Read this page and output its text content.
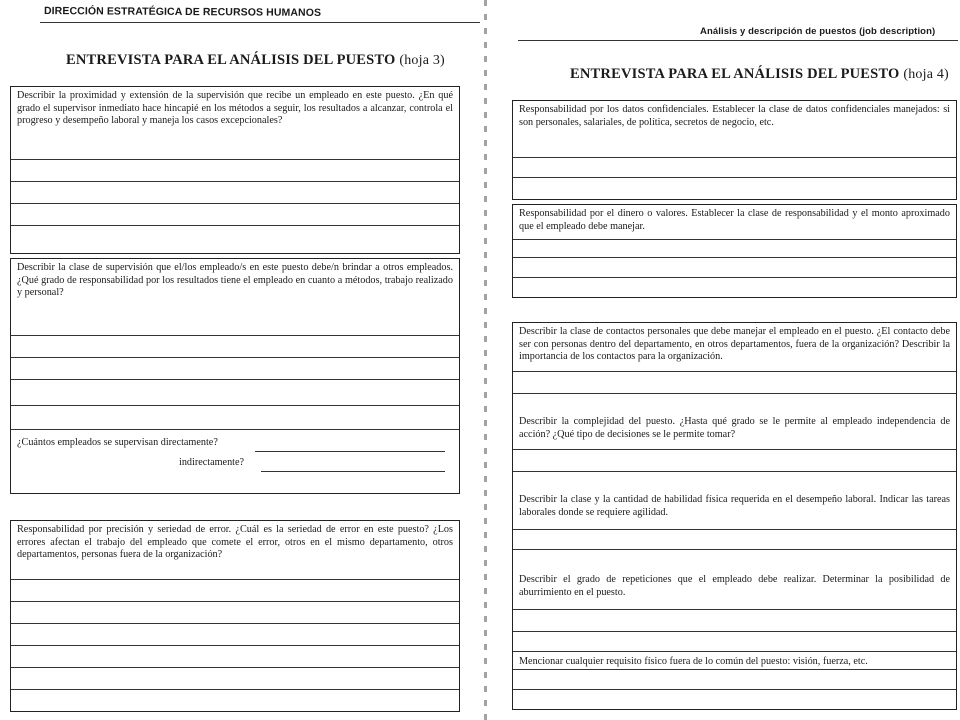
DIRECCIÓN ESTRATÉGICA DE RECURSOS HUMANOS
ENTREVISTA PARA EL ANÁLISIS DEL PUESTO (hoja 3)
Describir la proximidad y extensión de la supervisión que recibe un empleado en este puesto. ¿En qué grado el supervisor inmediato hace hincapié en los métodos a seguir, los resultados a alcanzar, controla el progreso y desempeño laboral y maneja los casos excepcionales?
Describir la clase de supervisión que el/los empleado/s en este puesto debe/n brindar a otros empleados. ¿Qué grado de responsabilidad por los resultados tiene el empleado en cuanto a métodos, trabajo realizado y personal?
¿Cuántos empleados se supervisan directamente?
indirectamente?
Responsabilidad por precisión y seriedad de error. ¿Cuál es la seriedad de error en este puesto? ¿Los errores afectan el trabajo del empleado que comete el error, otros en el mismo departamento, otros departamentos, personas fuera de la organización?
Análisis y descripción de puestos (job description)
ENTREVISTA PARA EL ANÁLISIS DEL PUESTO (hoja 4)
Responsabilidad por los datos confidenciales. Establecer la clase de datos confidenciales manejados: si son personales, salariales, de política, secretos de negocio, etc.
Responsabilidad por el dinero o valores. Establecer la clase de responsabilidad y el monto aproximado que el empleado debe manejar.
Describir la clase de contactos personales que debe manejar el empleado en el puesto. ¿El contacto debe ser con personas dentro del departamento, en otros departamentos, fuera de la organización? Describir la importancia de los contactos para la organización.
Describir la complejidad del puesto. ¿Hasta qué grado se le permite al empleado independencia de acción? ¿Qué tipo de decisiones se le permite tomar?
Describir la clase y la cantidad de habilidad física requerida en el desempeño laboral. Indicar las tareas laborales donde se requiere agilidad.
Describir el grado de repeticiones que el empleado debe realizar. Determinar la posibilidad de aburrimiento en el puesto.
Mencionar cualquier requisito físico fuera de lo común del puesto: visión, fuerza, etc.
